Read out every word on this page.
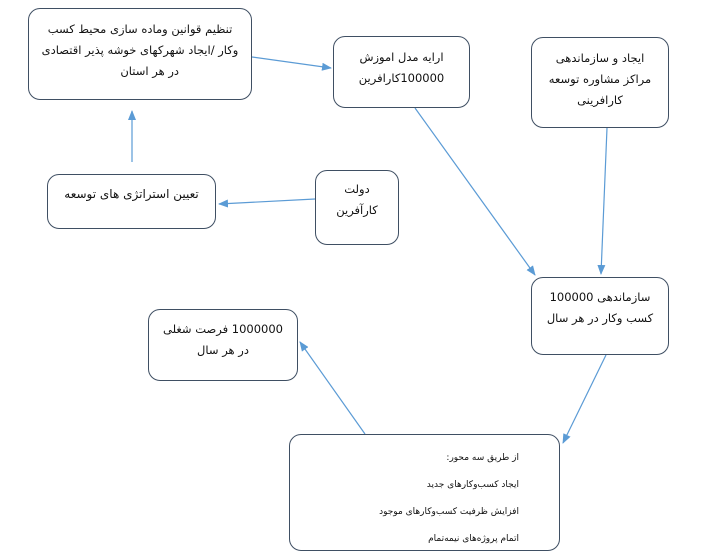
تنظیم قوانین وماده سازی محیط کسب
وکار /ایجاد شهرکهای خوشه پذیر اقتصادی
در هر استان
ارایه مدل اموزش
100000کارافرین
ایجاد و سازماندهی
مراکز مشاوره توسعه
کارافرینی
تعیین استراتژی های توسعه	دولت
کارآفرین
سازماندهی 100000
کسب وکار در هر سال
1000000 فرصت شغلی
در هر سال
از طریق سه محور:
ایجاد کسب‌وکارهای جدید
افزایش ظرفیت کسب‌وکارهای موجود
اتمام پروژه‌های نیمه‌تمام
